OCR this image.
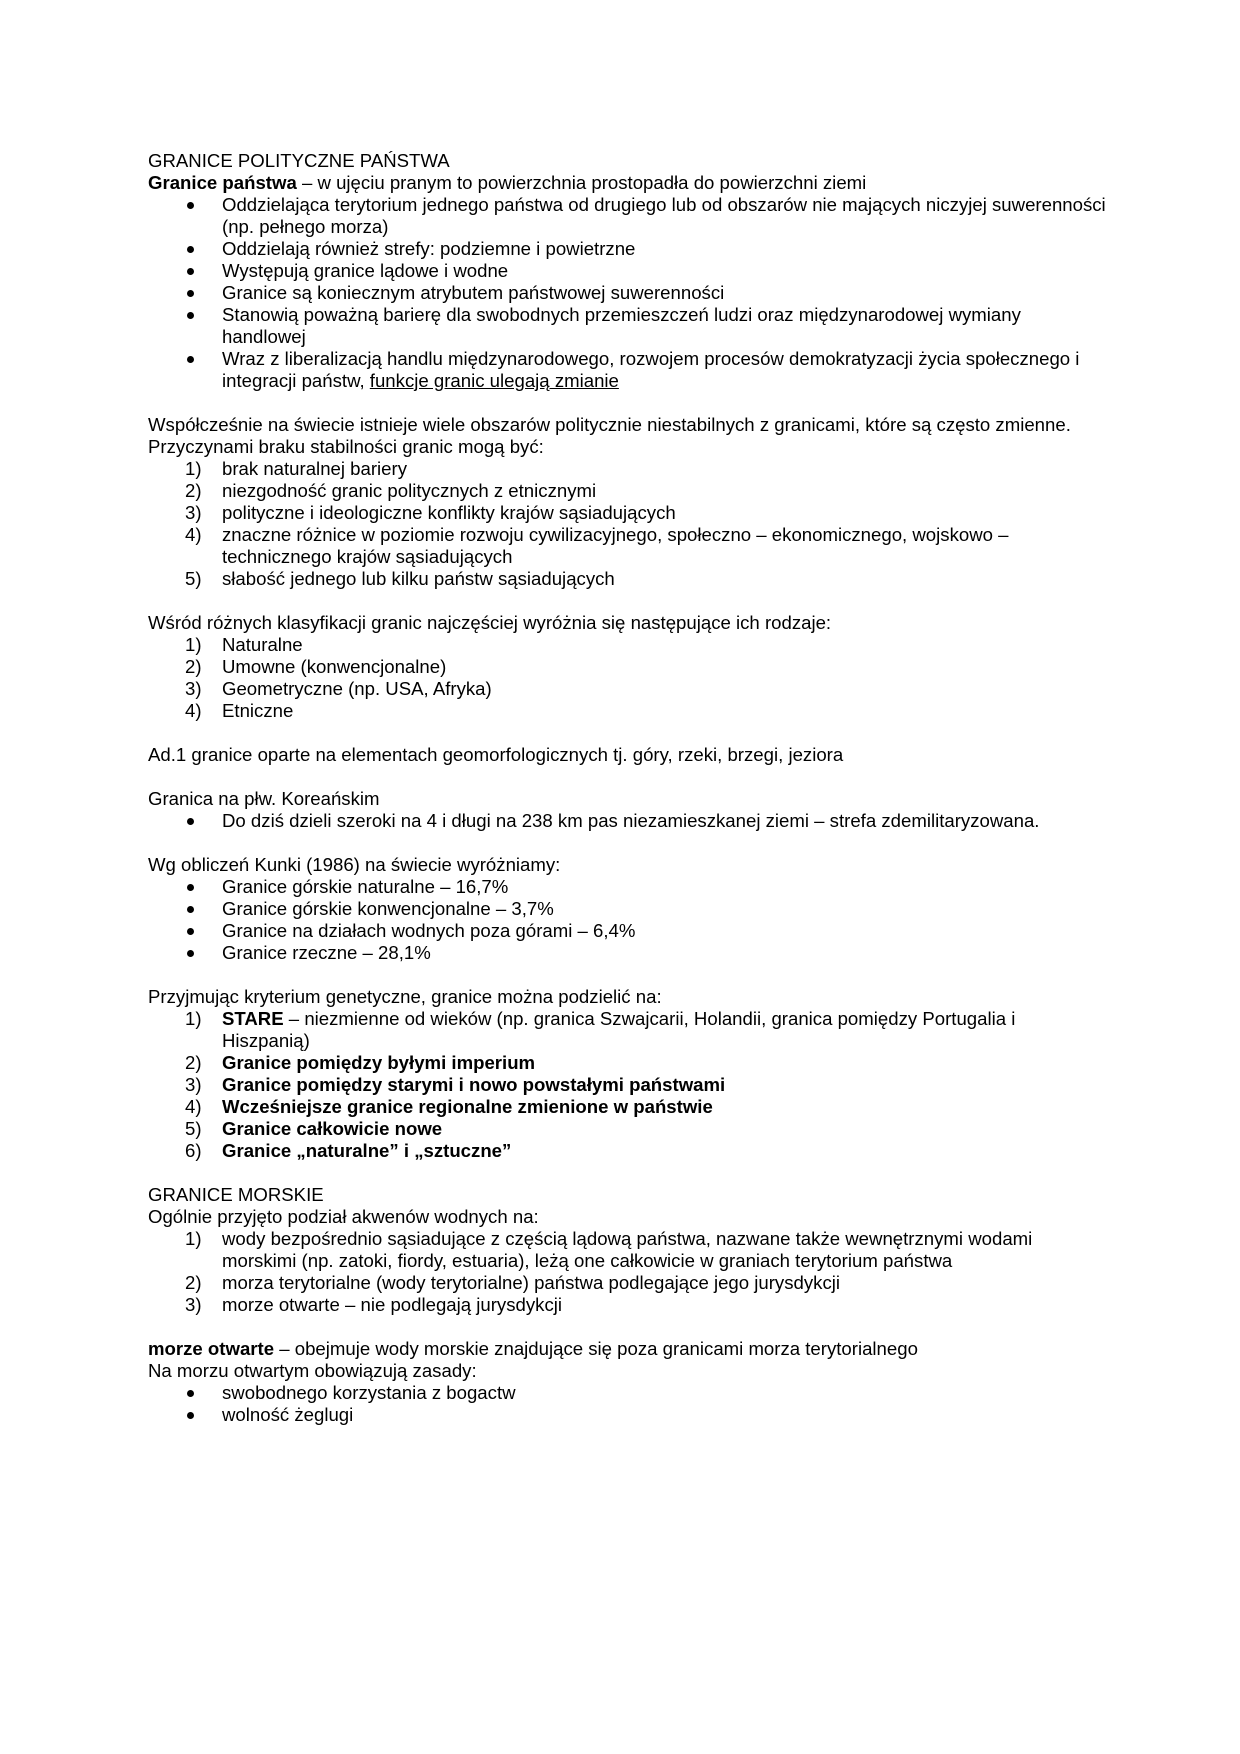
GRANICE POLITYCZNE PAŃSTWA

Granice państwa – w ujęciu pranym to powierzchnia prostopadła do powierzchni ziemi

Oddzielająca terytorium jednego państwa od drugiego lub od obszarów nie mających niczyjej suwerenności (np. pełnego morza)
Oddzielają również strefy: podziemne i powietrzne
Występują granice lądowe i wodne
Granice są koniecznym atrybutem państwowej suwerenności
Stanowią poważną barierę dla swobodnych przemieszczeń ludzi oraz międzynarodowej wymiany handlowej
Wraz z liberalizacją handlu międzynarodowego, rozwojem procesów demokratyzacji życia społecznego i integracji państw, funkcje granic ulegają zmianie

Współcześnie na świecie istnieje wiele obszarów politycznie niestabilnych z granicami, które są często zmienne. Przyczynami braku stabilności granic mogą być:

1) brak naturalnej bariery
2) niezgodność granic politycznych z etnicznymi
3) polityczne i ideologiczne konflikty krajów sąsiadujących
4) znaczne różnice w poziomie rozwoju cywilizacyjnego, społeczno – ekonomicznego, wojskowo – technicznego krajów sąsiadujących
5) słabość jednego lub kilku państw sąsiadujących

Wśród różnych klasyfikacji granic najczęściej wyróżnia się następujące ich rodzaje:

1) Naturalne
2) Umowne (konwencjonalne)
3) Geometryczne (np. USA, Afryka)
4) Etniczne

Ad.1 granice oparte na elementach geomorfologicznych tj. góry, rzeki, brzegi, jeziora

Granica na płw. Koreańskim

Do dziś dzieli szeroki na 4 i długi na 238 km pas niezamieszkanej ziemi – strefa zdemilitaryzowana.

Wg obliczeń Kunki (1986) na świecie wyróżniamy:

Granice górskie naturalne – 16,7%
Granice górskie konwencjonalne – 3,7%
Granice na działach wodnych poza górami – 6,4%
Granice rzeczne – 28,1%

Przyjmując kryterium genetyczne, granice można podzielić na:

1) STARE – niezmienne od wieków (np. granica Szwajcarii, Holandii, granica pomiędzy Portugalia i Hiszpanią)
2) Granice pomiędzy byłymi imperium
3) Granice pomiędzy starymi i nowo powstałymi państwami
4) Wcześniejsze granice regionalne zmienione w państwie
5) Granice całkowicie nowe
6) Granice „naturalne” i „sztuczne”

GRANICE MORSKIE

Ogólnie przyjęto podział akwenów wodnych na:

1) wody bezpośrednio sąsiadujące z częścią lądową państwa, nazwane także wewnętrznymi wodami morskimi (np. zatoki, fiordy, estuaria), leżą one całkowicie w graniach terytorium państwa
2) morza terytorialne (wody terytorialne) państwa podlegające jego jurysdykcji
3) morze otwarte – nie podlegają jurysdykcji

morze otwarte – obejmuje wody morskie znajdujące się poza granicami morza terytorialnego

Na morzu otwartym obowiązują zasady:

swobodnego korzystania z bogactw
wolność żeglugi
